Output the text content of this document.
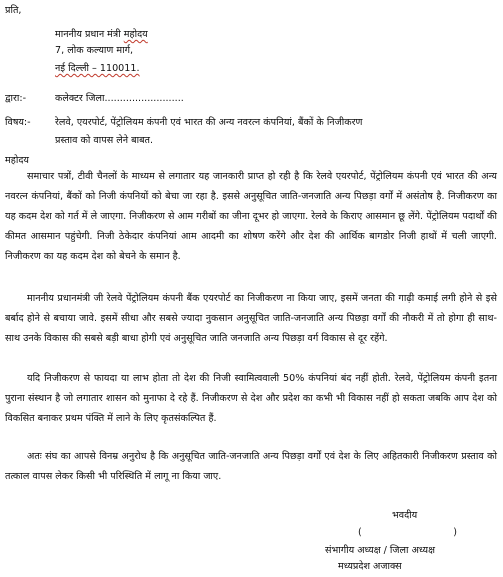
प्रति,
माननीय प्रधान मंत्री महोदय
7, लोक कल्याण मार्ग,
नई दिल्ली – 110011.
द्वारा:-	कलेक्टर जिला..........................
विषय:-	रेलवे, एयरपोर्ट, पेंट्रोलियम कंपनी एवं भारत की अन्य नवरत्न कंपनियां, बैंकों के निजीकरण
प्रस्ताव को वापस लेने बाबत.
महोदय

समाचार पत्रों, टीवी चैनलों के माध्यम से लगातार यह जानकारी प्राप्त हो रही है कि रेलवे एयरपोर्ट, पेंट्रोलियम कंपनी एवं भारत की अन्य नवरत्न कंपनियां, बैंकों को निजी कंपनियों को बेचा जा रहा है. इससे अनुसूचित जाति-जनजाति अन्य पिछड़ा वर्गों में असंतोष है. निजीकरण का यह कदम देश को गर्त में ले जाएगा. निजीकरण से आम गरीबों का जीना दूभर हो जाएगा. रेलवे के किराए आसमान छू लेंगे. पेंट्रोलियम पदार्थों की कीमत आसमान पहुंचेगी. निजी ठेकेदार कंपनियां आम आदमी का शोषण करेंगे और देश की आर्थिक बागडोर निजी हाथों में चली जाएगी. निजीकरण का यह कदम देश को बेचने के समान है.

माननीय प्रधानमंत्री जी रेलवे पेंट्रोलियम कंपनी बैंक एयरपोर्ट का निजीकरण ना किया जाए, इसमें जनता की गाढ़ी कमाई लगी होने से इसे बर्बाद होने से बचाया जावे. इसमें सीधा और सबसे ज्यादा नुकसान अनुसूचित जाति-जनजाति अन्य पिछड़ा वर्गों की नौकरी में तो होगा ही साथ-साथ उनके विकास की सबसे बड़ी बाधा होगी एवं अनुसूचित जाति जनजाति अन्य पिछड़ा वर्ग विकास से दूर रहेंगे.

यदि निजीकरण से फायदा या लाभ होता तो देश की निजी स्वामित्ववाली 50% कंपनियां बंद नहीं होती. रेलवे, पेंट्रोलियम कंपनी इतना पुराना संस्थान है जो लगातार शासन को मुनाफा दे रहे हैं. निजीकरण से देश और प्रदेश का कभी भी विकास नहीं हो सकता जबकि आप देश को विकसित बनाकर प्रथम पंक्ति में लाने के लिए कृतसंकल्पित हैं.

अतः संघ का आपसे विनम्र अनुरोध है कि अनुसूचित जाति-जनजाति अन्य पिछड़ा वर्गों एवं देश के लिए अहितकारी निजीकरण प्रस्ताव को तत्काल वापस लेकर किसी भी परिस्थिति में लागू ना किया जाए.

भवदीय
(                              )
संभागीय अध्यक्ष / जिला अध्यक्ष
मध्यप्रदेश अजाक्स
